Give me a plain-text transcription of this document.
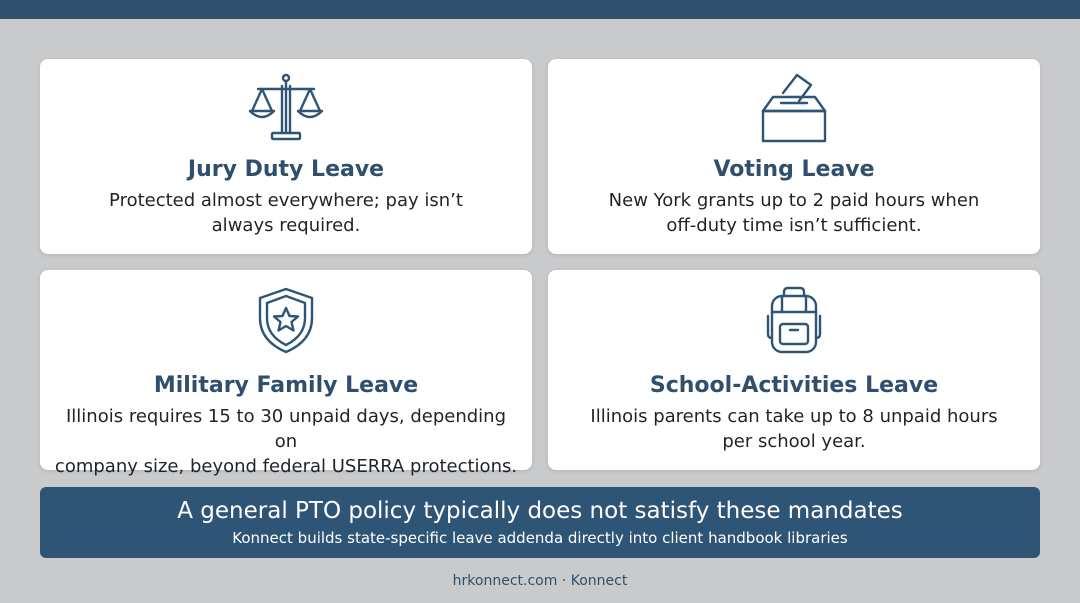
Jury Duty Leave
Protected almost everywhere; pay isn’t
always required.
Voting Leave
New York grants up to 2 paid hours when
off-duty time isn’t sufficient.
Military Family Leave
Illinois requires 15 to 30 unpaid days, depending on
company size, beyond federal USERRA protections.
School-Activities Leave
Illinois parents can take up to 8 unpaid hours
per school year.
A general PTO policy typically does not satisfy these mandates
Konnect builds state-specific leave addenda directly into client handbook libraries
hrkonnect.com · Konnect
